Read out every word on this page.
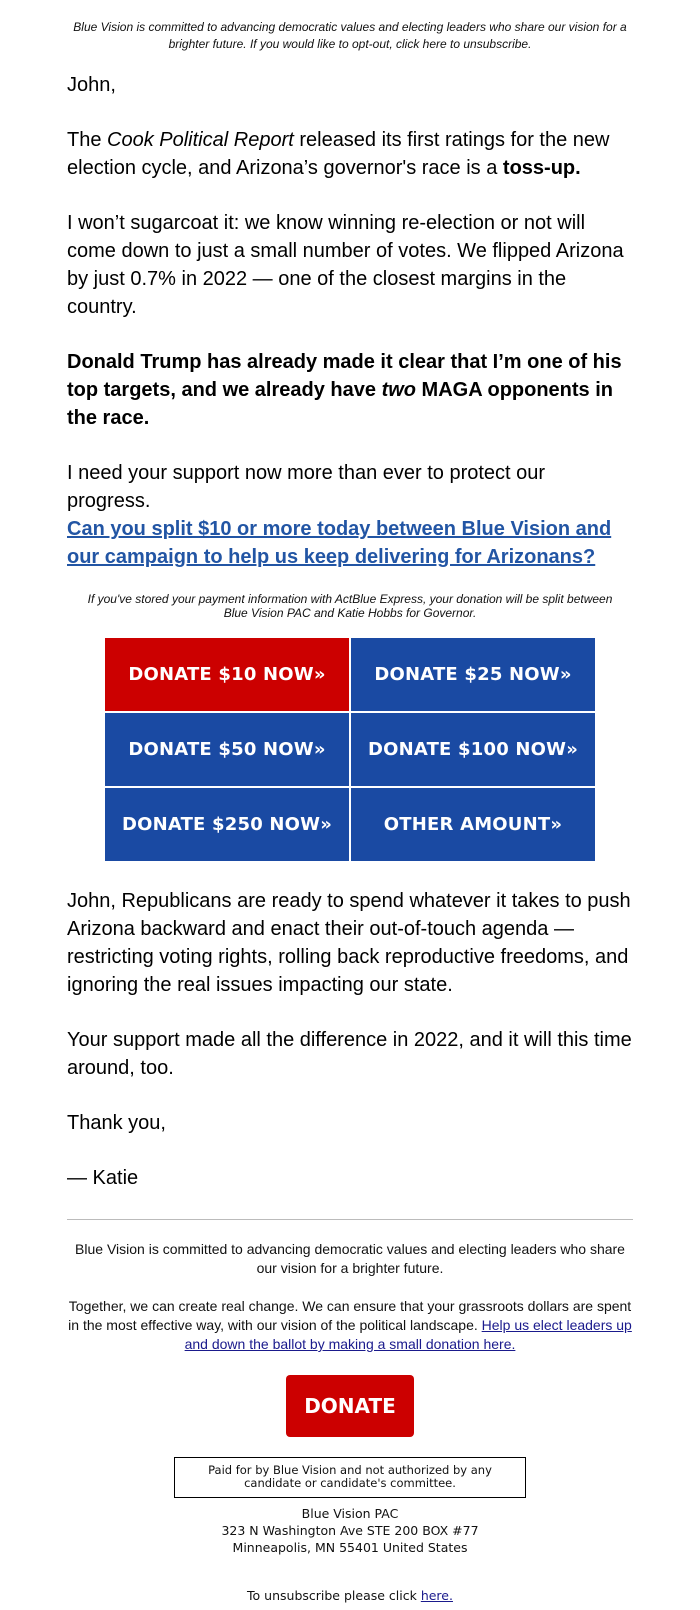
Blue Vision is committed to advancing democratic values and electing leaders who share our vision for a brighter future. If you would like to opt-out, click here to unsubscribe.

John,

The Cook Political Report released its first ratings for the new election cycle, and Arizona’s governor's race is a toss-up.

I won’t sugarcoat it: we know winning re-election or not will come down to just a small number of votes. We flipped Arizona by just 0.7% in 2022 — one of the closest margins in the country.

Donald Trump has already made it clear that I’m one of his top targets, and we already have two MAGA opponents in the race.

I need your support now more than ever to protect our progress.
Can you split $10 or more today between Blue Vision and our campaign to help us keep delivering for Arizonans?

If you've stored your payment information with ActBlue Express, your donation will be split between Blue Vision PAC and Katie Hobbs for Governor.

DONATE $10 NOW»	DONATE $25 NOW»
DONATE $50 NOW»	DONATE $100 NOW»
DONATE $250 NOW»	OTHER AMOUNT»

John, Republicans are ready to spend whatever it takes to push Arizona backward and enact their out-of-touch agenda — restricting voting rights, rolling back reproductive freedoms, and ignoring the real issues impacting our state.

Your support made all the difference in 2022, and it will this time around, too.

Thank you,

— Katie

Blue Vision is committed to advancing democratic values and electing leaders who share our vision for a brighter future.

Together, we can create real change. We can ensure that your grassroots dollars are spent in the most effective way, with our vision of the political landscape. Help us elect leaders up and down the ballot by making a small donation here.

DONATE
Paid for by Blue Vision and not authorized by any candidate or candidate's committee.
Blue Vision PAC
323 N Washington Ave STE 200 BOX #77
Minneapolis, MN 55401 United States
To unsubscribe please click here.
